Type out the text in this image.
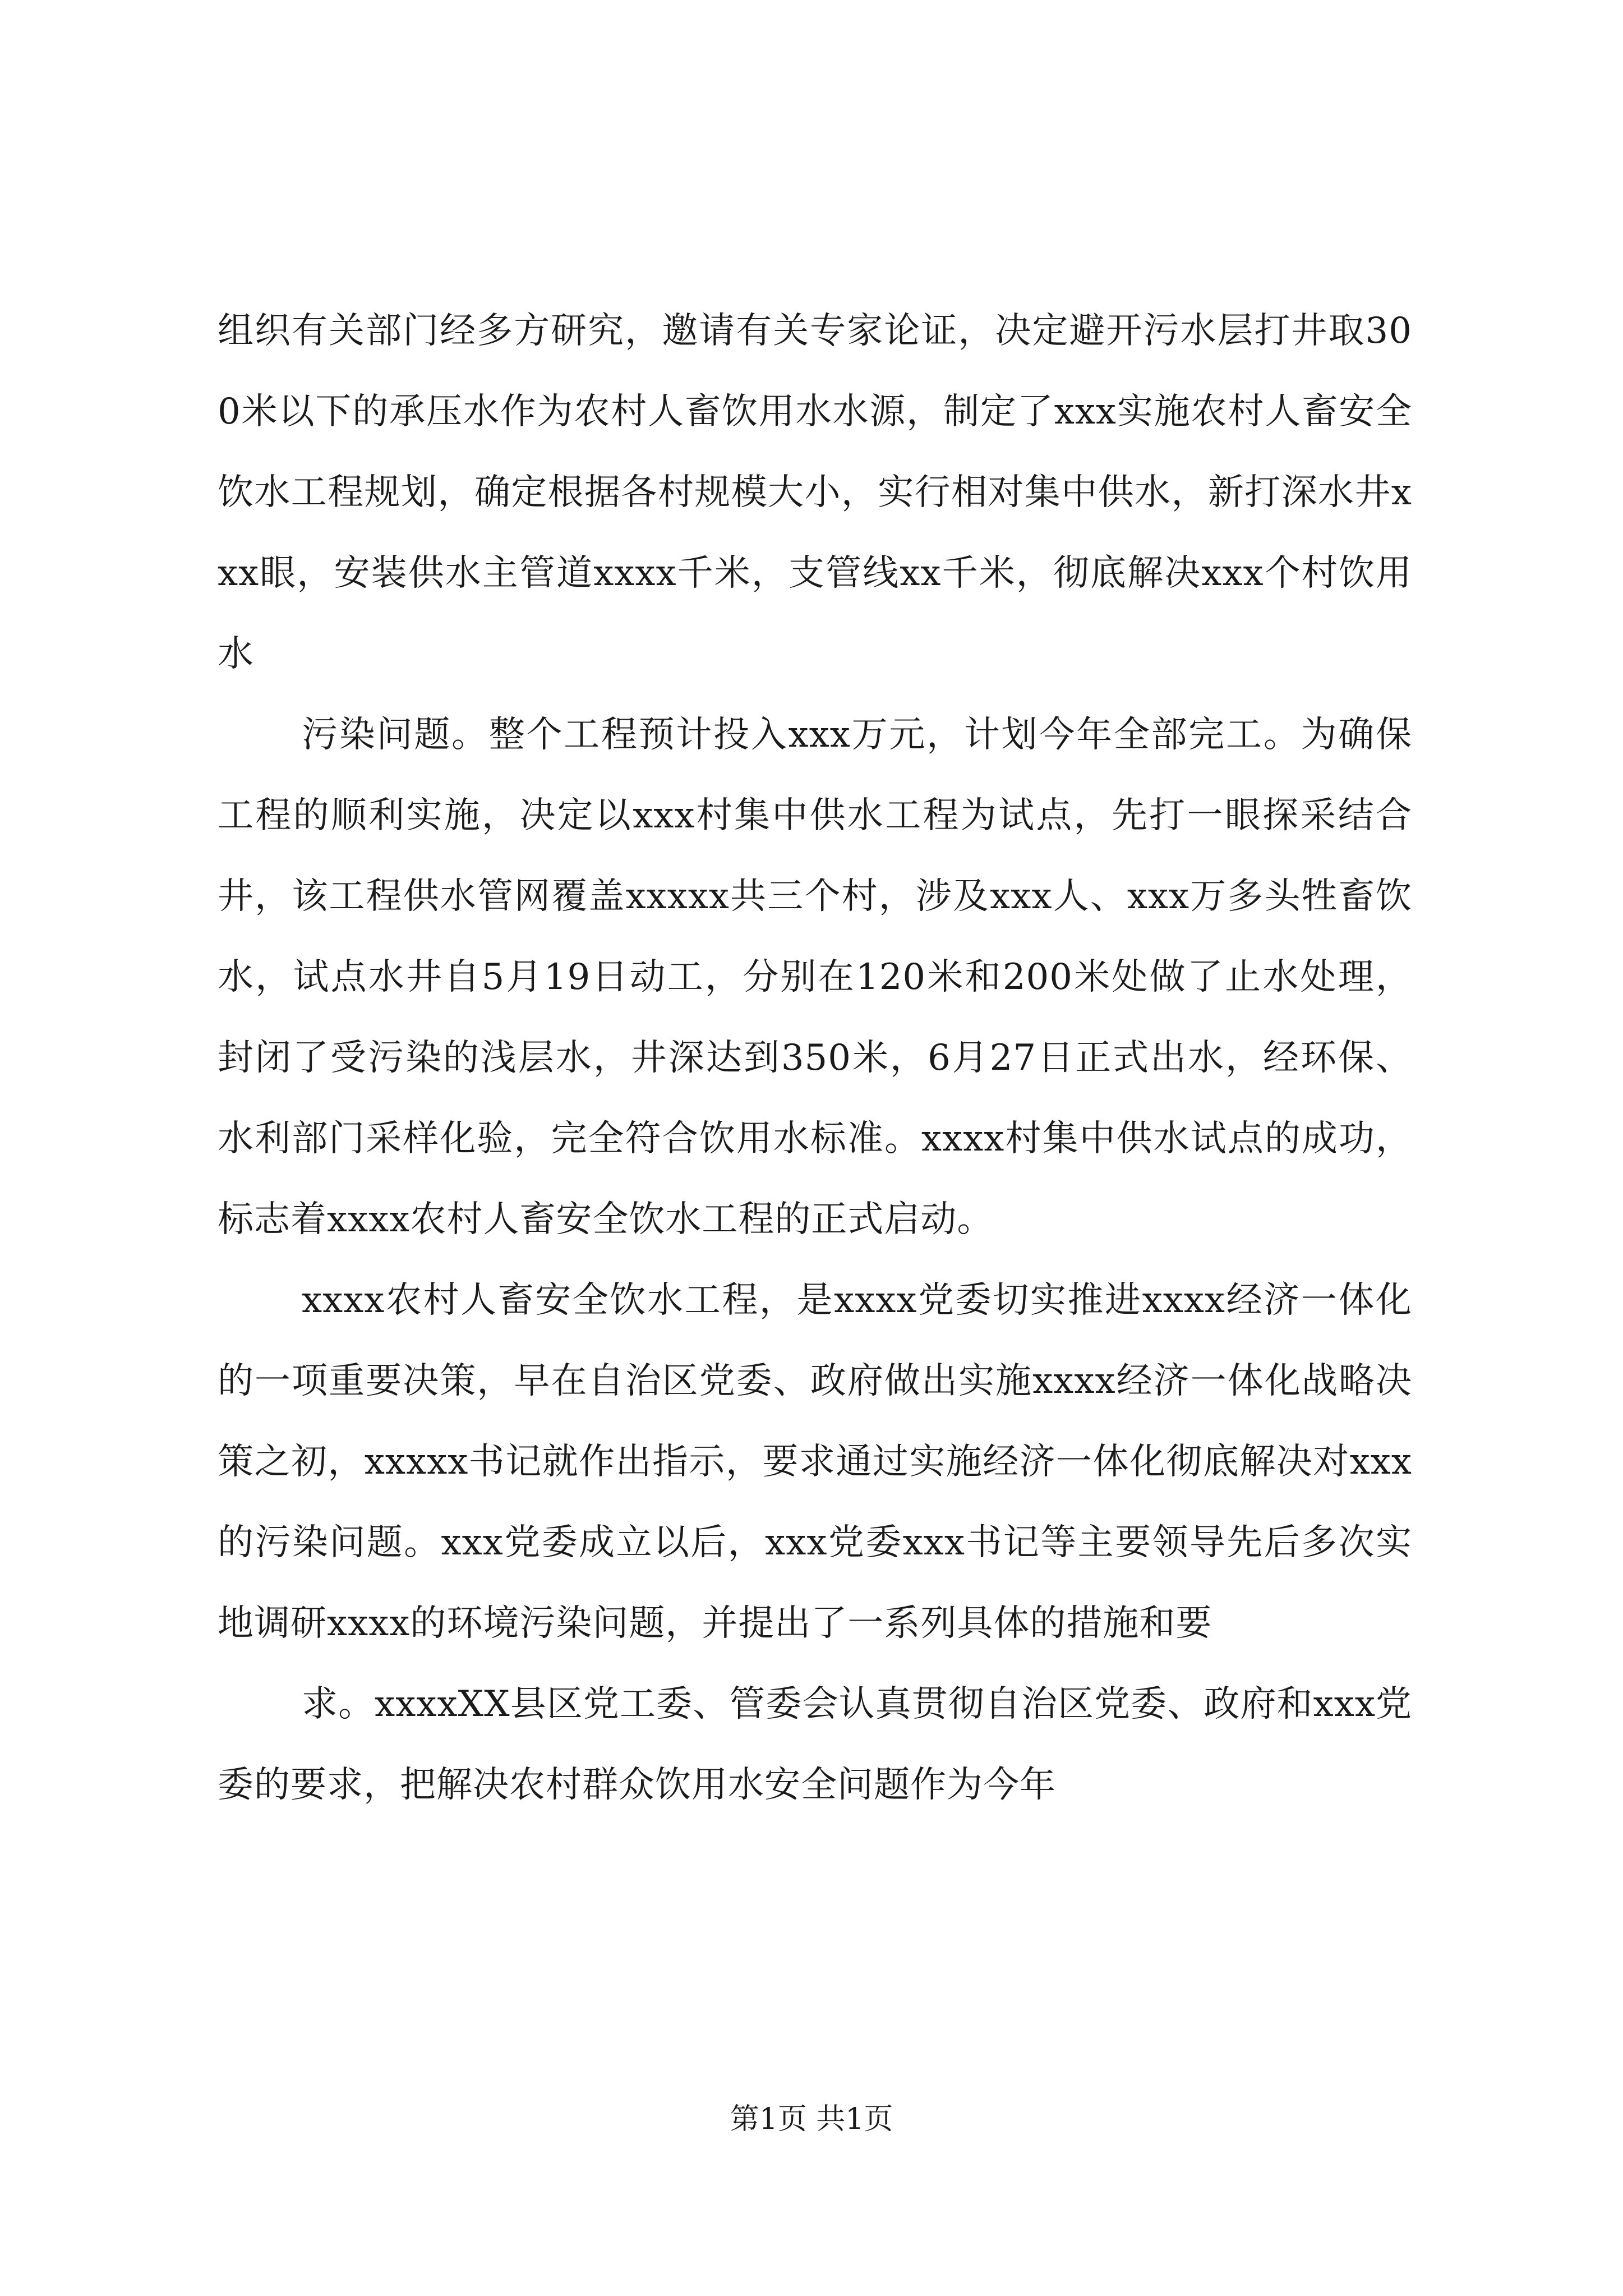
组织有关部门经多方研究，邀请有关专家论证，决定避开污水层打井取300米以下的承压水作为农村人畜饮用水水源，制定了xxx实施农村人畜安全饮水工程规划，确定根据各村规模大小，实行相对集中供水，新打深水井xxx眼，安装供水主管道xxxx千米，支管线xx千米，彻底解决xxx个村饮用水

污染问题。整个工程预计投入xxx万元，计划今年全部完工。为确保工程的顺利实施，决定以xxx村集中供水工程为试点，先打一眼探采结合井，该工程供水管网覆盖xxxxx共三个村，涉及xxx人、xxx万多头牲畜饮水，试点水井自5月19日动工，分别在120米和200米处做了止水处理，封闭了受污染的浅层水，井深达到350米，6月27日正式出水，经环保、水利部门采样化验，完全符合饮用水标准。xxxx村集中供水试点的成功，标志着xxxx农村人畜安全饮水工程的正式启动。

xxxx农村人畜安全饮水工程，是xxxx党委切实推进xxxx经济一体化的一项重要决策，早在自治区党委、政府做出实施xxxx经济一体化战略决策之初，xxxxx书记就作出指示，要求通过实施经济一体化彻底解决对xxx的污染问题。xxx党委成立以后，xxx党委xxx书记等主要领导先后多次实地调研xxxx的环境污染问题，并提出了一系列具体的措施和要

求。xxxxXX县区党工委、管委会认真贯彻自治区党委、政府和xxx党委的要求，把解决农村群众饮用水安全问题作为今年

第1页 共1页
